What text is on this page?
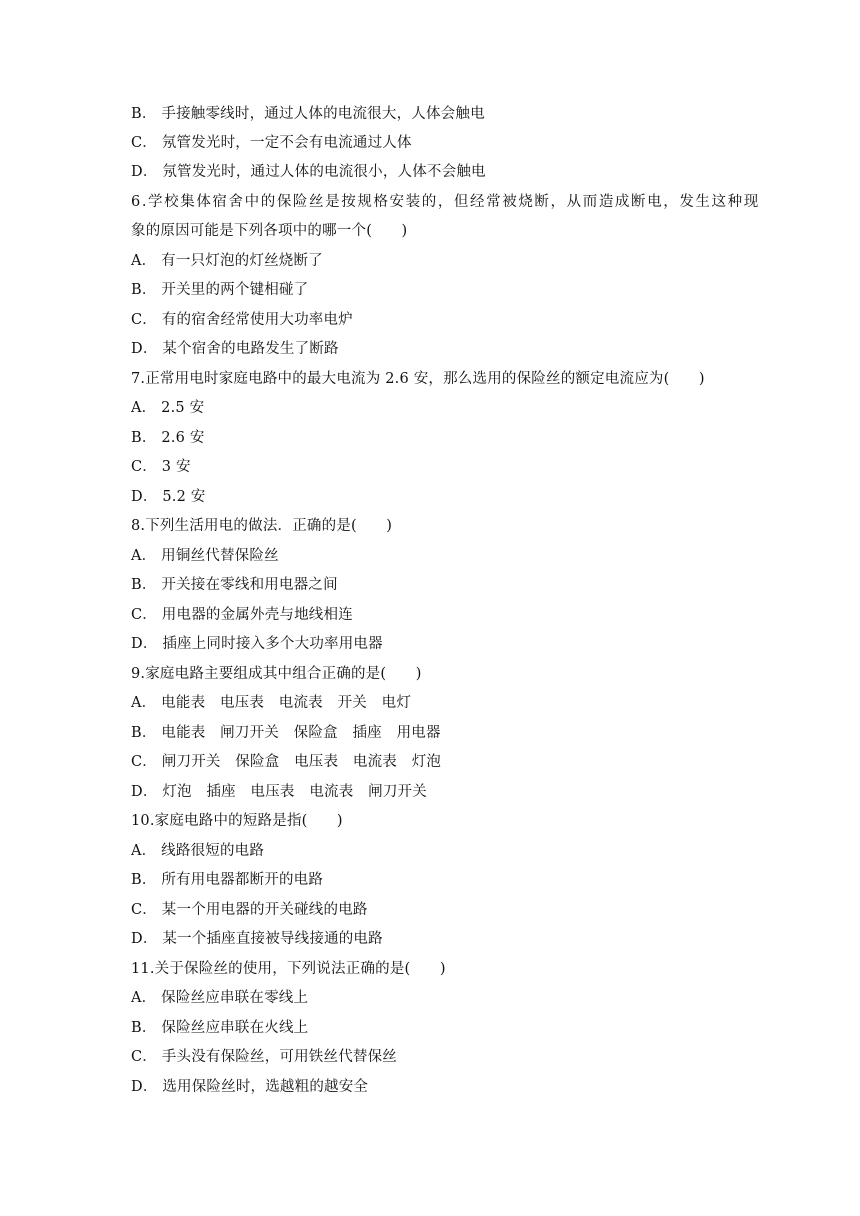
B． 手接触零线时，通过人体的电流很大，人体会触电
C． 氖管发光时，一定不会有电流通过人体
D． 氖管发光时，通过人体的电流很小，人体不会触电
6.学校集体宿舍中的保险丝是按规格安装的，但经常被烧断，从而造成断电，发生这种现
象的原因可能是下列各项中的哪一个(　　)
A． 有一只灯泡的灯丝烧断了
B． 开关里的两个键相碰了
C． 有的宿舍经常使用大功率电炉
D． 某个宿舍的电路发生了断路
7.正常用电时家庭电路中的最大电流为 2.6 安，那么选用的保险丝的额定电流应为(　　)
A． 2.5 安
B． 2.6 安
C． 3 安
D． 5.2 安
8.下列生活用电的做法．正确的是(　　)
A． 用铜丝代替保险丝
B． 开关接在零线和用电器之间
C． 用电器的金属外壳与地线相连
D． 插座上同时接入多个大功率用电器
9.家庭电路主要组成其中组合正确的是(　　)
A． 电能表　电压表　电流表　开关　电灯
B． 电能表　闸刀开关　保险盒　插座　用电器
C． 闸刀开关　保险盒　电压表　电流表　灯泡
D． 灯泡　插座　电压表　电流表　闸刀开关
10.家庭电路中的短路是指(　　)
A． 线路很短的电路
B． 所有用电器都断开的电路
C． 某一个用电器的开关碰线的电路
D． 某一个插座直接被导线接通的电路
11.关于保险丝的使用，下列说法正确的是(　　)
A． 保险丝应串联在零线上
B． 保险丝应串联在火线上
C． 手头没有保险丝，可用铁丝代替保丝
D． 选用保险丝时，选越粗的越安全
